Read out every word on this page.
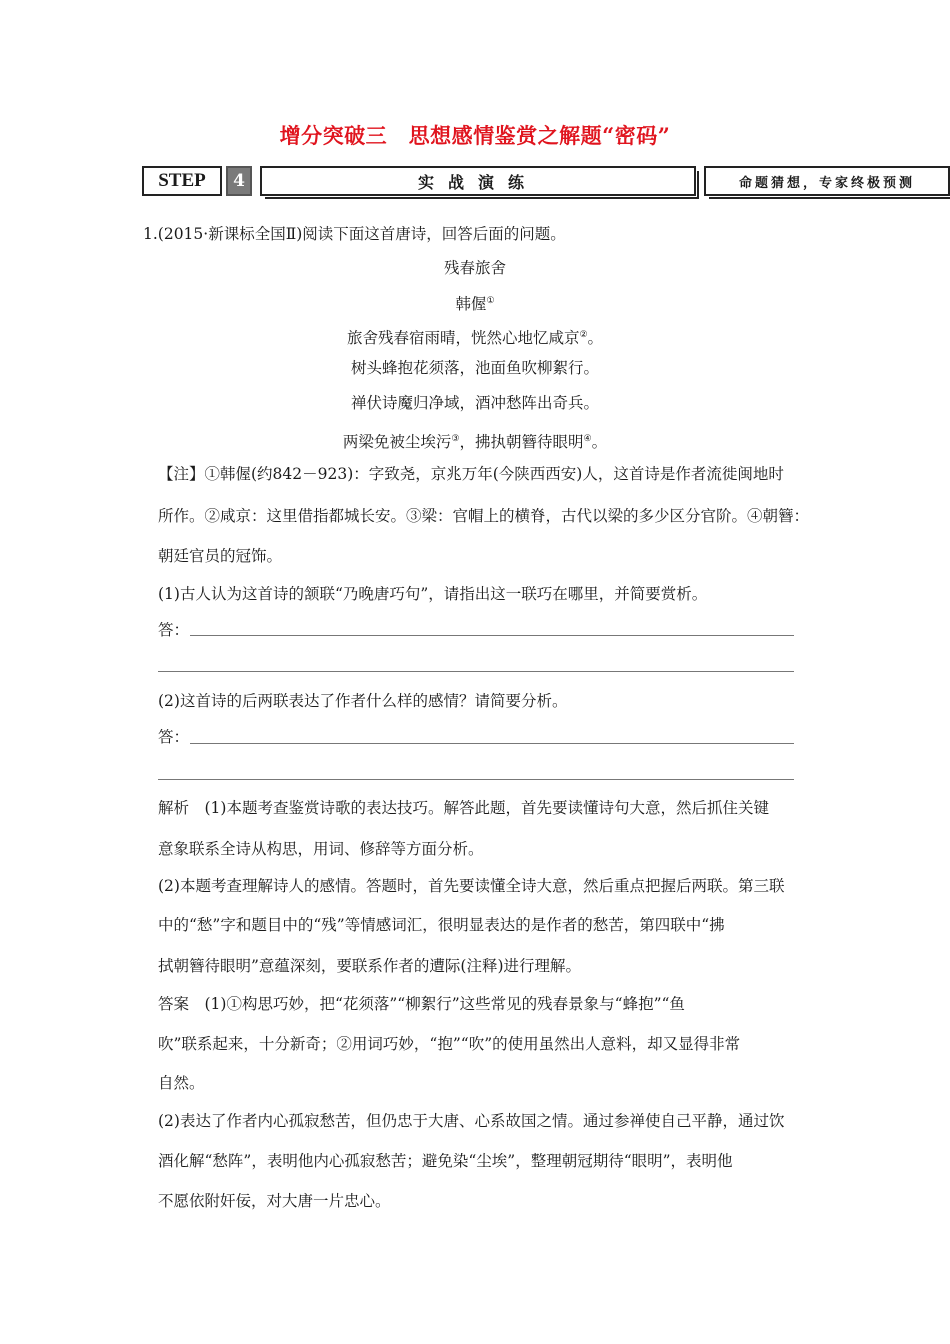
增分突破三　思想感情鉴赏之解题“密码”
STEP	4	实战演练	命题猜想，专家终极预测
1.(2015·新课标全国Ⅱ)阅读下面这首唐诗，回答后面的问题。
残春旅舍
韩偓①
旅舍残春宿雨晴，恍然心地忆咸京②。
树头蜂抱花须落，池面鱼吹柳絮行。
禅伏诗魔归净域，酒冲愁阵出奇兵。
两梁免被尘埃污③，拂执朝簪待眼明④。
【注】①韩偓(约842－923)：字致尧，京兆万年(今陕西西安)人，这首诗是作者流徙闽地时
所作。②咸京：这里借指都城长安。③梁：官帽上的横脊，古代以梁的多少区分官阶。④朝簪：
朝廷官员的冠饰。
(1)古人认为这首诗的颔联“乃晚唐巧句”，请指出这一联巧在哪里，并简要赏析。
答：
(2)这首诗的后两联表达了作者什么样的感情？请简要分析。
答：
解析　(1)本题考查鉴赏诗歌的表达技巧。解答此题，首先要读懂诗句大意，然后抓住关键
意象联系全诗从构思，用词、修辞等方面分析。
(2)本题考查理解诗人的感情。答题时，首先要读懂全诗大意，然后重点把握后两联。第三联
中的“愁”字和题目中的“残”等情感词汇，很明显表达的是作者的愁苦，第四联中“拂
拭朝簪待眼明”意蕴深刻，要联系作者的遭际(注释)进行理解。
答案　(1)①构思巧妙，把“花须落”“柳絮行”这些常见的残春景象与“蜂抱”“鱼
吹”联系起来，十分新奇；②用词巧妙，“抱”“吹”的使用虽然出人意料，却又显得非常
自然。
(2)表达了作者内心孤寂愁苦，但仍忠于大唐、心系故国之情。通过参禅使自己平静，通过饮
酒化解“愁阵”，表明他内心孤寂愁苦；避免染“尘埃”，整理朝冠期待“眼明”，表明他
不愿依附奸佞，对大唐一片忠心。
